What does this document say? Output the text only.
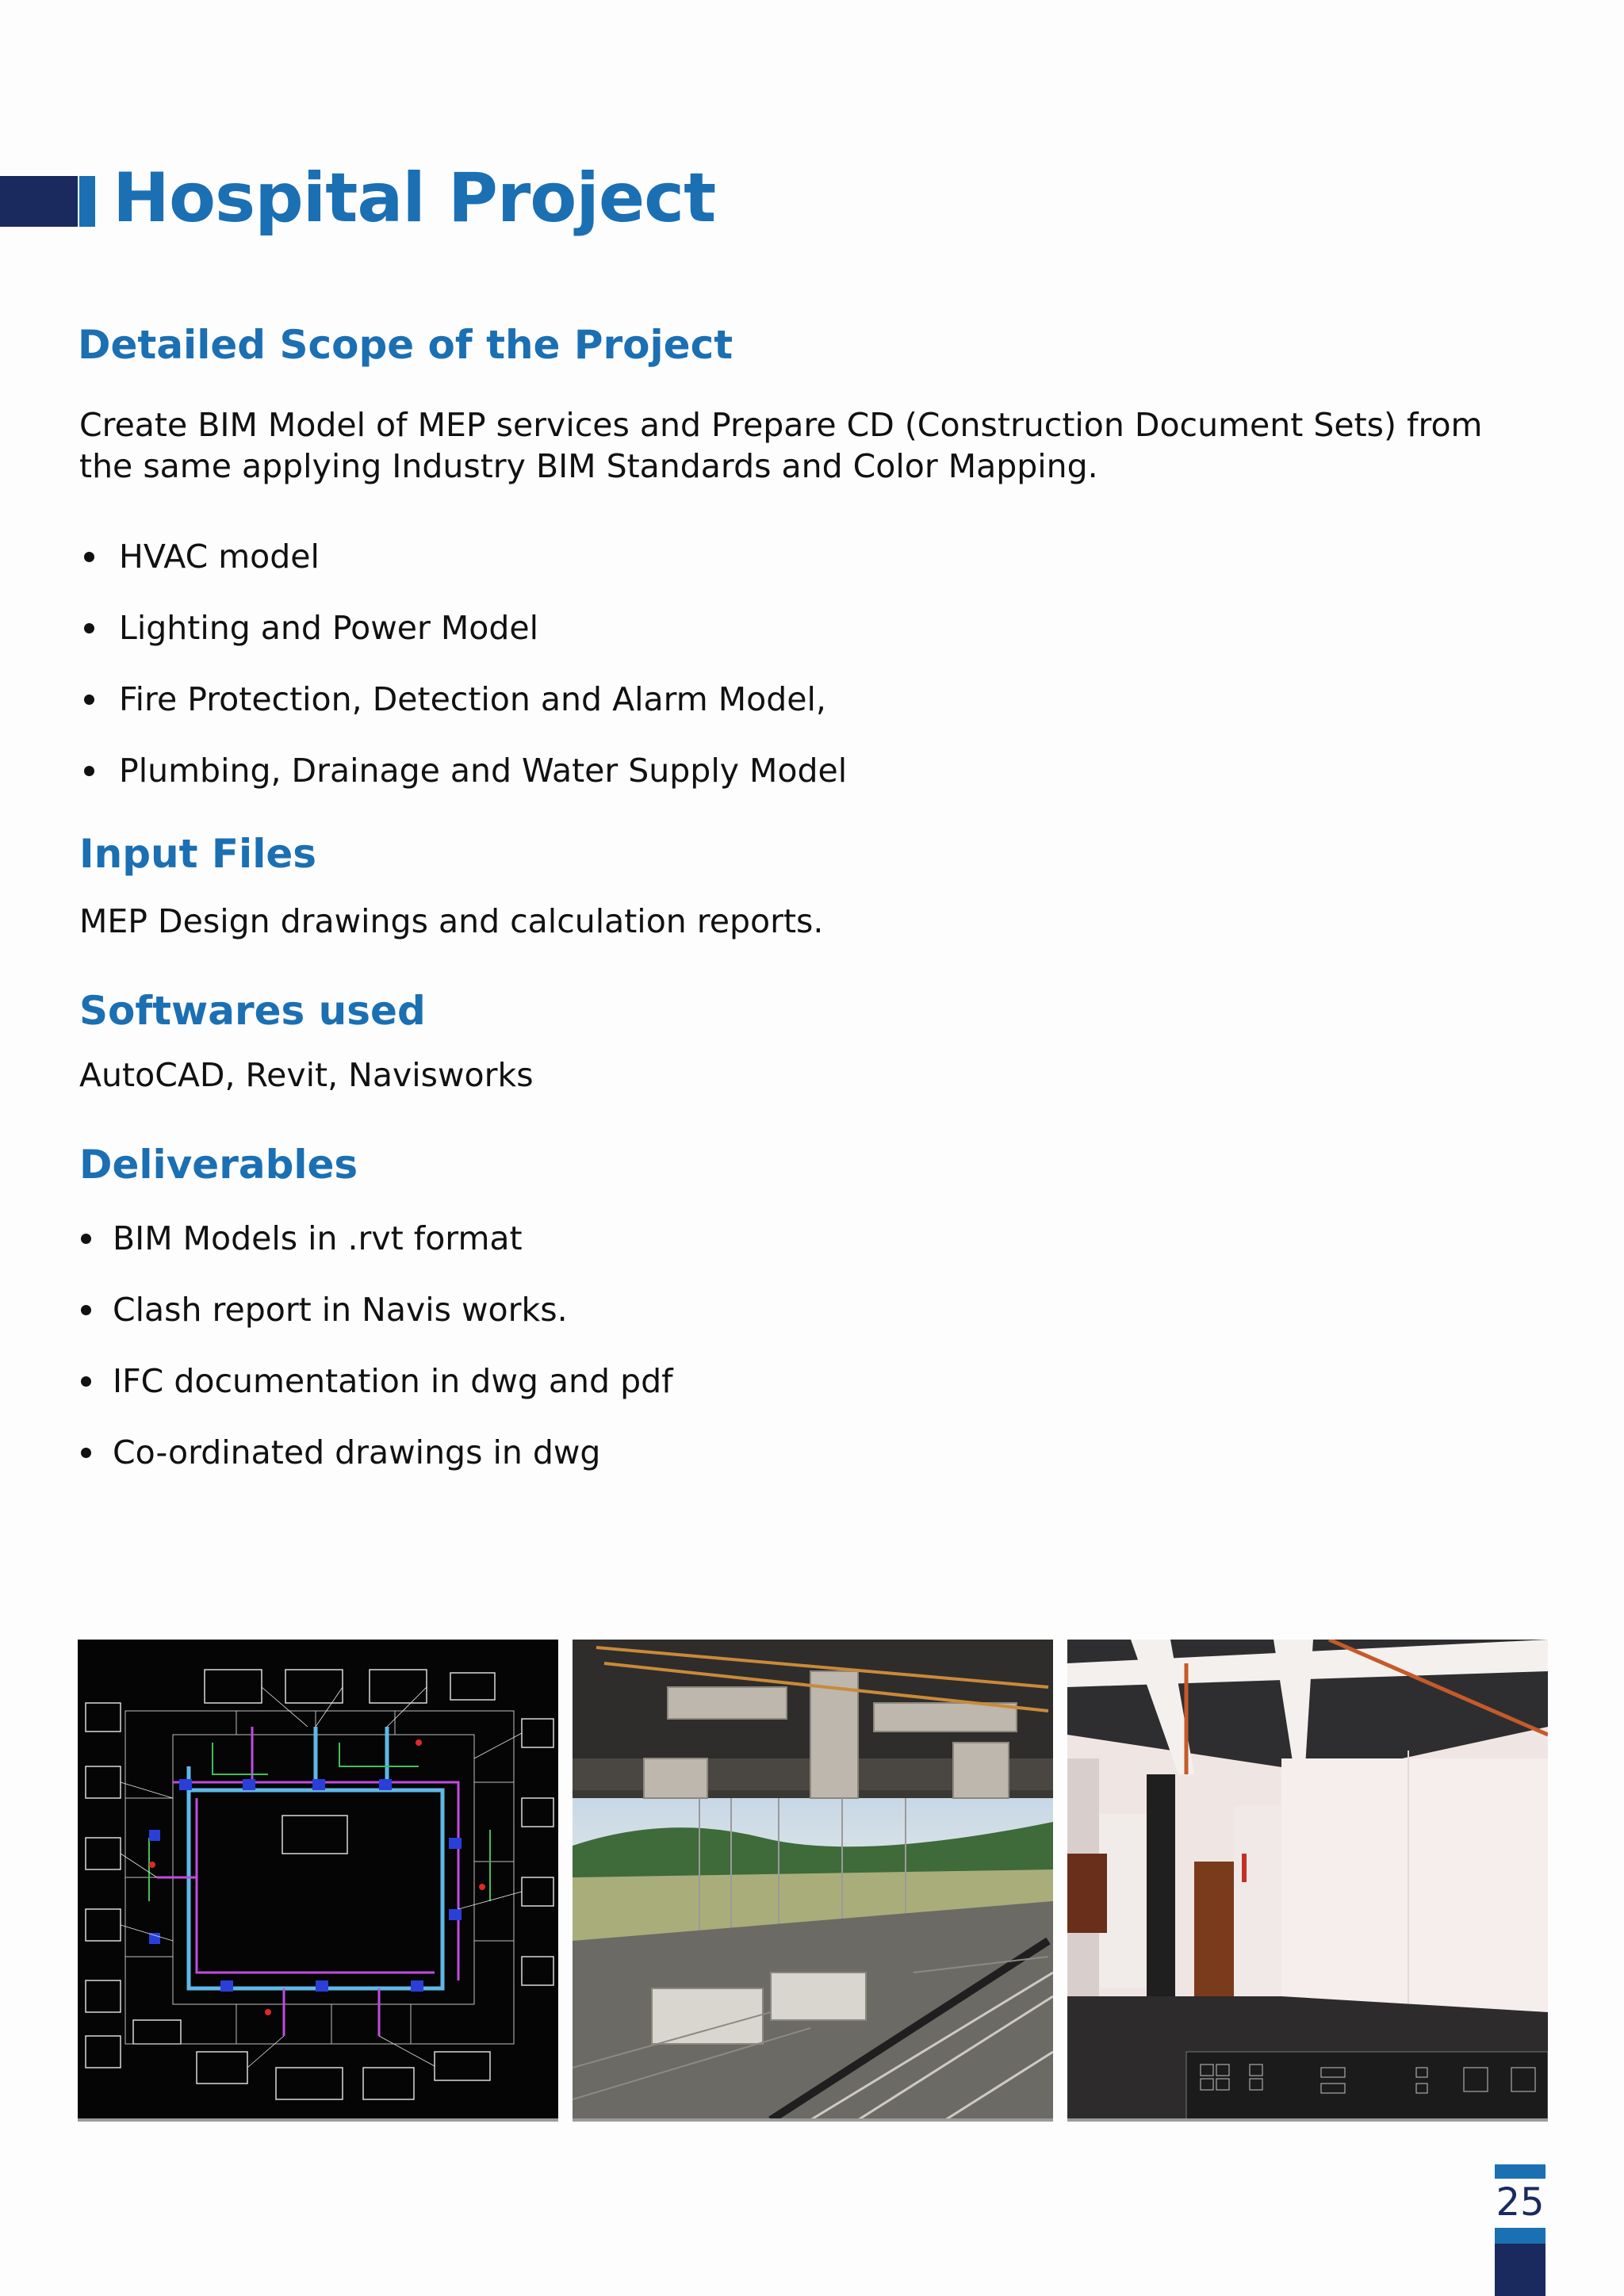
Hospital Project
Detailed Scope of the Project

Create BIM Model of MEP services and Prepare CD (Construction Document Sets) from
the same applying Industry BIM Standards and Color Mapping.

HVAC model
Lighting and Power Model
Fire Protection, Detection and Alarm Model,
Plumbing, Drainage and Water Supply Model
Input Files

MEP Design drawings and calculation reports.

Softwares used

AutoCAD, Revit, Navisworks

Deliverables
BIM Models in .rvt format
Clash report in Navis works.
IFC documentation in dwg and pdf
Co-ordinated drawings in dwg
25
